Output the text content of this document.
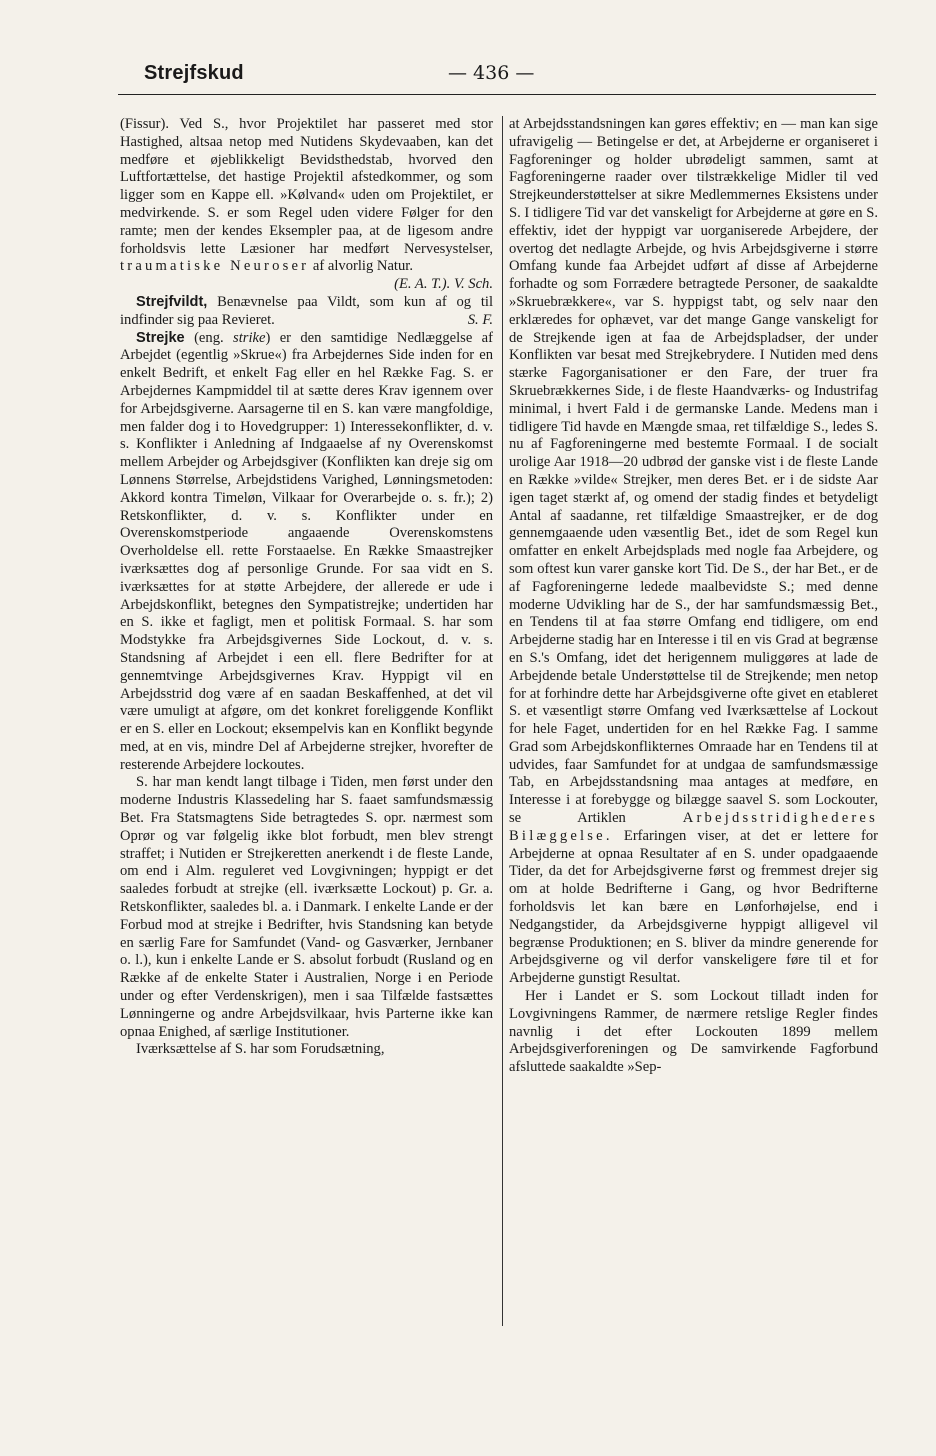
Strejfskud	— 436 —

(Fissur). Ved S., hvor Projektilet har passeret med stor Hastighed, altsaa netop med Nutidens Skydevaaben, kan det medføre et øjeblikkeligt Bevidsthedstab, hvorved den Luftfortættelse, det hastige Projektil afstedkommer, og som ligger som en Kappe ell. »Kølvand« uden om Projektilet, er medvirkende. S. er som Regel uden videre Følger for den ramte; men der kendes Eksempler paa, at de ligesom andre forholdsvis lette Læsioner har medført Nervesystelser, traumatiske Neuroser af alvorlig Natur.
(E. A. T.). V. Sch.

Strejfvildt, Benævnelse paa Vildt, som kun af og til indfinder sig paa Revieret.	S. F.

Strejke (eng. strike) er den samtidige Nedlæggelse af Arbejdet (egentlig »Skrue«) fra Arbejdernes Side inden for en enkelt Bedrift, et enkelt Fag eller en hel Række Fag. S. er Arbejdernes Kampmiddel til at sætte deres Krav igennem over for Arbejdsgiverne. Aarsagerne til en S. kan være mangfoldige, men falder dog i to Hovedgrupper: 1) Interessekonflikter, d. v. s. Konflikter i Anledning af Indgaaelse af ny Overenskomst mellem Arbejder og Arbejdsgiver (Konflikten kan dreje sig om Lønnens Størrelse, Arbejdstidens Varighed, Lønningsmetoden: Akkord kontra Timeløn, Vilkaar for Overarbejde o. s. fr.); 2) Retskonflikter, d. v. s. Konflikter under en Overenskomstperiode angaaende Overenskomstens Overholdelse ell. rette Forstaaelse. En Række Smaastrejker iværksættes dog af personlige Grunde. For saa vidt en S. iværksættes for at støtte Arbejdere, der allerede er ude i Arbejdskonflikt, betegnes den Sympatistrejke; undertiden har en S. ikke et fagligt, men et politisk Formaal. S. har som Modstykke fra Arbejdsgivernes Side Lockout, d. v. s. Standsning af Arbejdet i een ell. flere Bedrifter for at gennemtvinge Arbejdsgivernes Krav. Hyppigt vil en Arbejdsstrid dog være af en saadan Beskaffenhed, at det vil være umuligt at afgøre, om det konkret foreliggende Konflikt er en S. eller en Lockout; eksempelvis kan en Konflikt begynde med, at en vis, mindre Del af Arbejderne strejker, hvorefter de resterende Arbejdere lockoutes.

S. har man kendt langt tilbage i Tiden, men først under den moderne Industris Klassedeling har S. faaet samfundsmæssig Bet. Fra Statsmagtens Side betragtedes S. opr. nærmest som Oprør og var følgelig ikke blot forbudt, men blev strengt straffet; i Nutiden er Strejkeretten anerkendt i de fleste Lande, om end i Alm. reguleret ved Lovgivningen; hyppigt er det saaledes forbudt at strejke (ell. iværksætte Lockout) p. Gr. a. Retskonflikter, saaledes bl. a. i Danmark. I enkelte Lande er der Forbud mod at strejke i Bedrifter, hvis Standsning kan betyde en særlig Fare for Samfundet (Vand- og Gasværker, Jernbaner o. l.), kun i enkelte Lande er S. absolut forbudt (Rusland og en Række af de enkelte Stater i Australien, Norge i en Periode under og efter Verdenskrigen), men i saa Tilfælde fastsættes Lønningerne og andre Arbejdsvilkaar, hvis Parterne ikke kan opnaa Enighed, af særlige Institutioner.

Iværksættelse af S. har som Forudsætning,

at Arbejdsstandsningen kan gøres effektiv; en — man kan sige ufravigelig — Betingelse er det, at Arbejderne er organiseret i Fagforeninger og holder ubrødeligt sammen, samt at Fagforeningerne raader over tilstrækkelige Midler til ved Strejkeunderstøttelser at sikre Medlemmernes Eksistens under S. I tidligere Tid var det vanskeligt for Arbejderne at gøre en S. effektiv, idet der hyppigt var uorganiserede Arbejdere, der overtog det nedlagte Arbejde, og hvis Arbejdsgiverne i større Omfang kunde faa Arbejdet udført af disse af Arbejderne forhadte og som Forrædere betragtede Personer, de saakaldte »Skruebrækkere«, var S. hyppigst tabt, og selv naar den erklæredes for ophævet, var det mange Gange vanskeligt for de Strejkende igen at faa de Arbejdspladser, der under Konflikten var besat med Strejkebrydere. I Nutiden med dens stærke Fagorganisationer er den Fare, der truer fra Skruebrækkernes Side, i de fleste Haandværks- og Industrifag minimal, i hvert Fald i de germanske Lande. Medens man i tidligere Tid havde en Mængde smaa, ret tilfældige S., ledes S. nu af Fagforeningerne med bestemte Formaal. I de socialt urolige Aar 1918—20 udbrød der ganske vist i de fleste Lande en Række »vilde« Strejker, men deres Bet. er i de sidste Aar igen taget stærkt af, og omend der stadig findes et betydeligt Antal af saadanne, ret tilfældige Smaastrejker, er de dog gennemgaaende uden væsentlig Bet., idet de som Regel kun omfatter en enkelt Arbejdsplads med nogle faa Arbejdere, og som oftest kun varer ganske kort Tid. De S., der har Bet., er de af Fagforeningerne ledede maalbevidste S.; med denne moderne Udvikling har de S., der har samfundsmæssig Bet., en Tendens til at faa større Omfang end tidligere, om end Arbejderne stadig har en Interesse i til en vis Grad at begrænse en S.'s Omfang, idet det herigennem muliggøres at lade de Arbejdende betale Understøttelse til de Strejkende; men netop for at forhindre dette har Arbejdsgiverne ofte givet en etableret S. et væsentligt større Omfang ved Iværksættelse af Lockout for hele Faget, undertiden for en hel Række Fag. I samme Grad som Arbejdskonflikternes Omraade har en Tendens til at udvides, faar Samfundet for at undgaa de samfundsmæssige Tab, en Arbejdsstandsning maa antages at medføre, en Interesse i at forebygge og bilægge saavel S. som Lockouter, se Artiklen	Arbejdsstridighederes Bilæggelse. Erfaringen viser, at det er lettere for Arbejderne at opnaa Resultater af en S. under opadgaaende Tider, da det for Arbejdsgiverne først og fremmest drejer sig om at holde Bedrifterne i Gang, og hvor Bedrifterne forholdsvis let kan bære en Lønforhøjelse, end i Nedgangstider, da Arbejdsgiverne hyppigt alligevel vil begrænse Produktionen; en S. bliver da mindre generende for Arbejdsgiverne og vil derfor vanskeligere føre til et for Arbejderne gunstigt Resultat.

Her i Landet er S. som Lockout tilladt inden for Lovgivningens Rammer, de nærmere retslige Regler findes navnlig i det efter Lockouten 1899 mellem Arbejdsgiverforeningen og De samvirkende Fagforbund afsluttede saakaldte »Sep-
